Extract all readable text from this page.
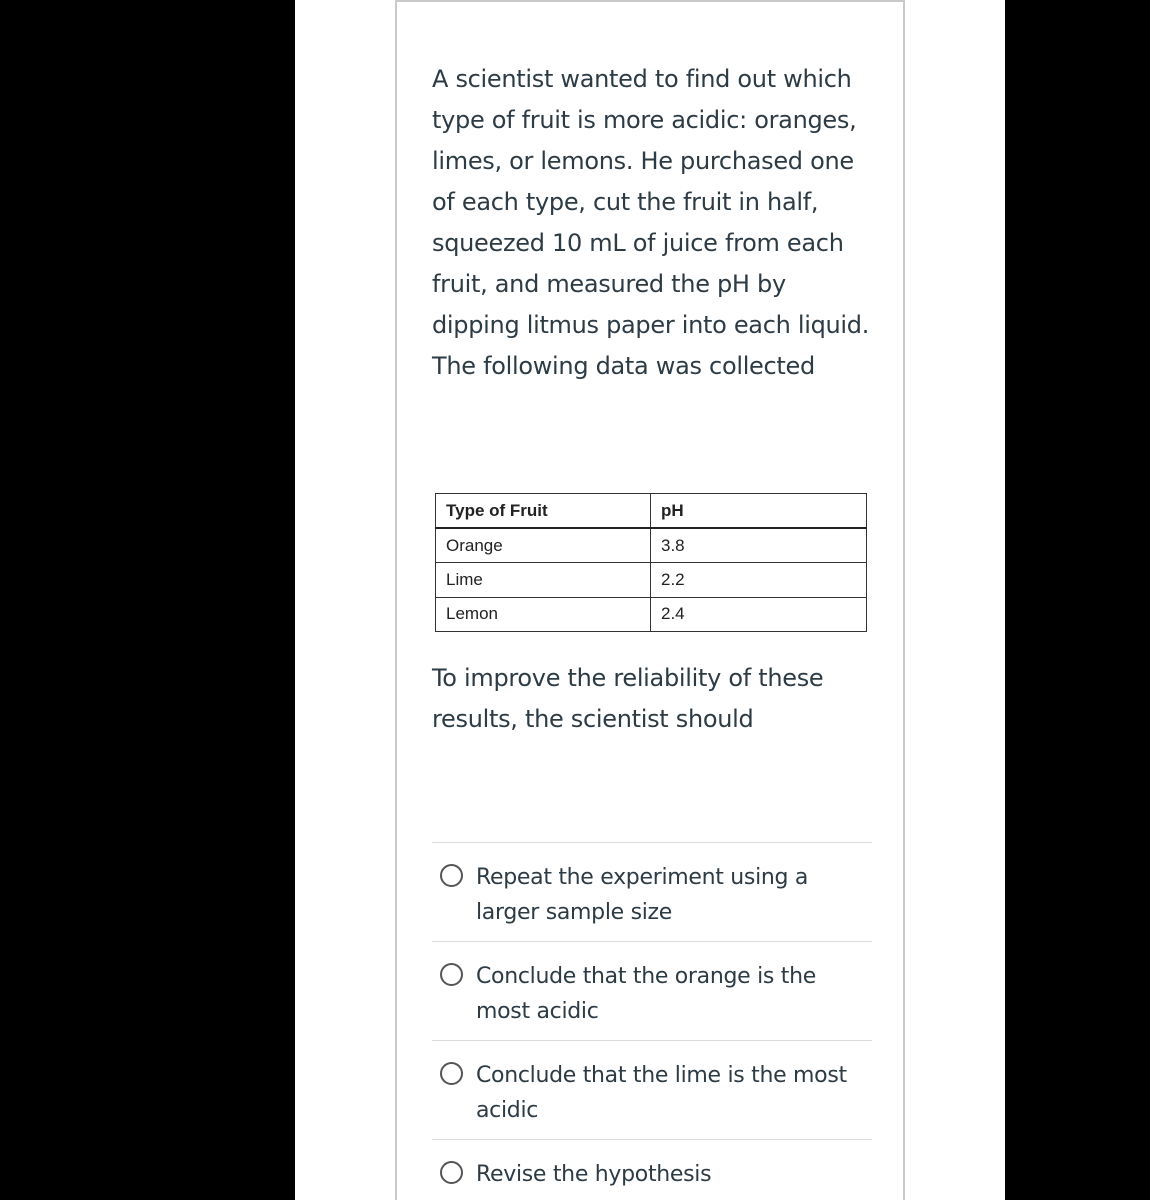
A scientist wanted to find out which type of fruit is more acidic: oranges, limes, or lemons. He purchased one of each type, cut the fruit in half, squeezed 10 mL of juice from each fruit, and measured the pH by dipping litmus paper into each liquid. The following data was collected
Type of Fruit	pH
Orange	3.8
Lime	2.2
Lemon	2.4
To improve the reliability of these results, the scientist should
Repeat the experiment using a larger sample size
Conclude that the orange is the most acidic
Conclude that the lime is the most acidic
Revise the hypothesis
